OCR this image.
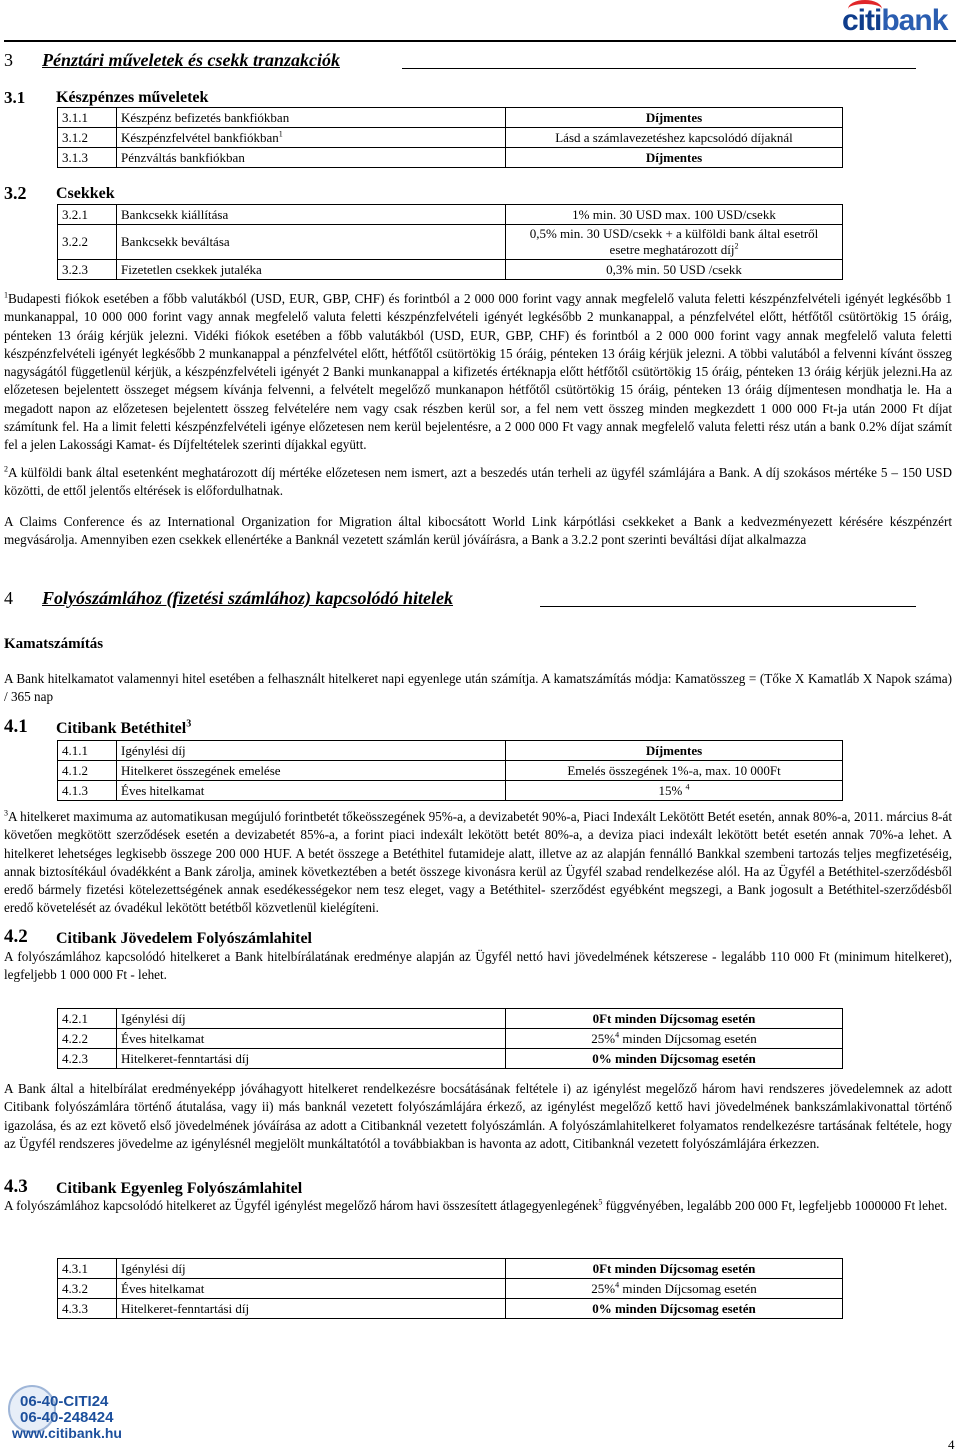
citibank
3 Pénztári műveletek és csekk tranzakciók
3.1 Készpénzes műveletek
3.1.1	Készpénz befizetés bankfiókban	Díjmentes
3.1.2	Készpénzfelvétel bankfiókban$^1$	Lásd a számlavezetéshez kapcsolódó díjaknál
3.1.3	Pénzváltás bankfiókban	Díjmentes
3.2 Csekkek
3.2.1	Bankcsekk kiállítása	1% min. 30 USD max. 100 USD/csekk
3.2.2	Bankcsekk beváltása	0,5% min. 30 USD/csekk + a külföldi bank által esetről
esetre meghatározott díj$^2$

3.2.3	Fizetetlen csekkek jutaléka	0,3% min. 50 USD /csekk
$^1$Budapesti fiókok esetében a főbb valutákból (USD, EUR, GBP, CHF) és forintból a 2 000 000 forint vagy annak megfelelő valuta feletti készpénzfelvételi igényét legkésőbb 1 munkanappal, 10 000 000 forint vagy annak megfelelő valuta feletti készpénzfelvételi igényét legkésőbb 2 munkanappal, a pénzfelvétel előtt, hétfőtől csütörtökig 15 óráig, pénteken 13 óráig kérjük jelezni. Vidéki fiókok esetében a főbb valutákból (USD, EUR, GBP, CHF) és forintból a 2 000 000 forint vagy annak megfelelő valuta feletti készpénzfelvételi igényét legkésőbb 2 munkanappal a pénzfelvétel előtt, hétfőtől csütörtökig 15 óráig, pénteken 13 óráig kérjük jelezni. A többi valutából a felvenni kívánt összeg nagyságától függetlenül kérjük, a készpénzfelvételi igényét 2 Banki munkanappal a kifizetés értéknapja előtt hétfőtől csütörtökig 15 óráig, pénteken 13 óráig kérjük jelezni.Ha az előzetesen bejelentett összeget mégsem kívánja felvenni, a felvételt megelőző munkanapon hétfőtől csütörtökig 15 óráig, pénteken 13 óráig díjmentesen mondhatja le. Ha a megadott napon az előzetesen bejelentett összeg felvételére nem vagy csak részben kerül sor, a fel nem vett összeg minden megkezdett 1 000 000 Ft-ja után 2000 Ft díjat számítunk fel. Ha a limit feletti készpénzfelvételi igénye előzetesen nem kerül bejelentésre, a 2 000 000 Ft vagy annak megfelelő valuta feletti rész után a bank 0.2% díjat számít fel a jelen Lakossági Kamat- és Díjfeltételek szerinti díjakkal együtt.
$^2$A külföldi bank által esetenként meghatározott díj mértéke előzetesen nem ismert, azt a beszedés után terheli az ügyfél számlájára a Bank. A díj szokásos mértéke 5 – 150 USD közötti, de ettől jelentős eltérések is előfordulhatnak.
A Claims Conference és az International Organization for Migration által kibocsátott World Link kárpótlási csekkeket a Bank a kedvezményezett kérésére készpénzért megvásárolja. Amennyiben ezen csekkek ellenértéke a Banknál vezetett számlán kerül jóváírásra, a Bank a 3.2.2 pont szerinti beváltási díjat alkalmazza
4 Folyószámlához (fizetési számlához) kapcsolódó hitelek
Kamatszámítás
A Bank hitelkamatot valamennyi hitel esetében a felhasznált hitelkeret napi egyenlege után számítja. A kamatszámítás módja: Kamatösszeg = (Tőke X Kamatláb X Napok száma) / 365 nap
4.1 Citibank Betéthitel$^3$
4.1.1	Igénylési díj	Díjmentes
4.1.2	Hitelkeret összegének emelése	Emelés összegének 1%-a, max. 10 000Ft
4.1.3	Éves hitelkamat	15% $^4$
$^3$A hitelkeret maximuma az automatikusan megújuló forintbetét tőkeösszegének 95%-a, a devizabetét 90%-a, Piaci Indexált Lekötött Betét esetén, annak 80%-a, 2011. március 8-át követően megkötött szerződések esetén a devizabetét 85%-a, a forint piaci indexált lekötött betét 80%-a, a deviza piaci indexált lekötött betét esetén annak 70%-a lehet. A hitelkeret lehetséges legkisebb összege 200 000 HUF. A betét összege a Betéthitel futamideje alatt, illetve az az alapján fennálló Bankkal szembeni tartozás teljes megfizetéséig, annak biztosítékául óvadékként a Bank zárolja, aminek következtében a betét összege kivonásra kerül az Ügyfél szabad rendelkezése alól. Ha az Ügyfél a Betéthitel-szerződésből eredő bármely fizetési kötelezettségének annak esedékességekor nem tesz eleget, vagy a Betéthitel- szerződést egyébként megszegi, a Bank jogosult a Betéthitel-szerződésből eredő követelését az óvadékul lekötött betétből közvetlenül kielégíteni.
4.2 Citibank Jövedelem Folyószámlahitel
A folyószámlához kapcsolódó hitelkeret a Bank hitelbírálatának eredménye alapján az Ügyfél nettó havi jövedelmének kétszerese - legalább 110 000 Ft (minimum hitelkeret), legfeljebb 1 000 000 Ft - lehet.
4.2.1	Igénylési díj	0Ft minden Díjcsomag esetén
4.2.2	Éves hitelkamat	25%$^4$ minden Díjcsomag esetén
4.2.3	Hitelkeret-fenntartási díj	0% minden Díjcsomag esetén
A Bank által a hitelbírálat eredményeképp jóváhagyott hitelkeret rendelkezésre bocsátásának feltétele i) az igénylést megelőző három havi rendszeres jövedelemnek az adott Citibank folyószámlára történő átutalása, vagy ii) más banknál vezetett folyószámlájára érkező, az igénylést megelőző kettő havi jövedelmének bankszámlakivonattal történő igazolása, és az ezt követő első jövedelmének jóváírása az adott a Citibanknál vezetett folyószámlán. A folyószámlahitelkeret folyamatos rendelkezésre tartásának feltétele, hogy az Ügyfél rendszeres jövedelme az igénylésnél megjelölt munkáltatótól a továbbiakban is havonta az adott, Citibanknál vezetett folyószámlájára érkezzen.
4.3 Citibank Egyenleg Folyószámlahitel
A folyószámlához kapcsolódó hitelkeret az Ügyfél igénylést megelőző három havi összesített átlagegyenlegének$^5$ függvényében, legalább 200 000 Ft, legfeljebb 1000000 Ft lehet.
4.3.1	Igénylési díj	0Ft minden Díjcsomag esetén
4.3.2	Éves hitelkamat	25%$^4$ minden Díjcsomag esetén
4.3.3	Hitelkeret-fenntartási díj	0% minden Díjcsomag esetén
06-40-CITI24
06-40-248424
www.citibank.hu
4
